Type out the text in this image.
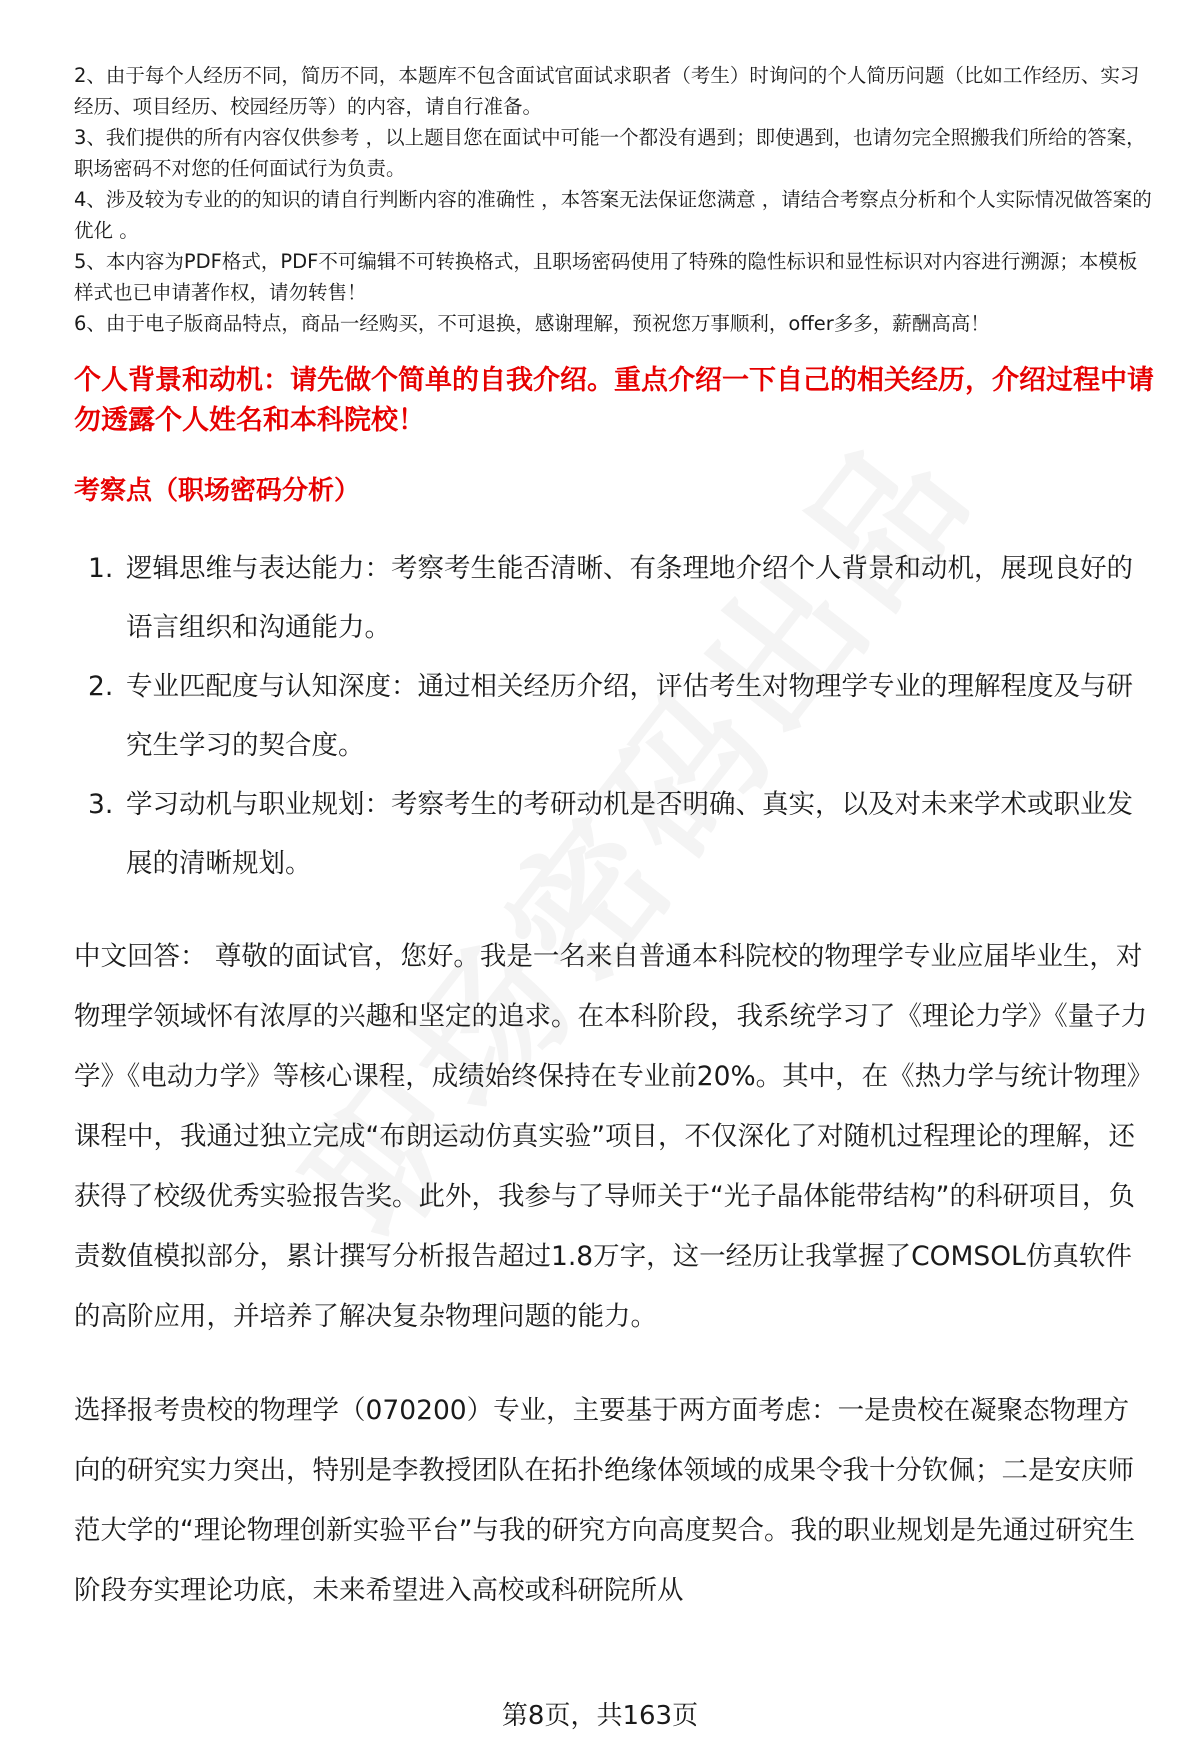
2、由于每个人经历不同，简历不同，本题库不包含面试官面试求职者（考生）时询问的个人简历问题（比如工作经历、实习经历、项目经历、校园经历等）的内容，请自行准备。
3、我们提供的所有内容仅供参考 ，以上题目您在面试中可能一个都没有遇到；即使遇到，也请勿完全照搬我们所给的答案，职场密码不对您的任何面试行为负责。
4、涉及较为专业的的知识的请自行判断内容的准确性 ，本答案无法保证您满意 ，请结合考察点分析和个人实际情况做答案的优化 。
5、本内容为PDF格式，PDF不可编辑不可转换格式，且职场密码使用了特殊的隐性标识和显性标识对内容进行溯源；本模板样式也已申请著作权，请勿转售！
6、由于电子版商品特点，商品一经购买，不可退换，感谢理解，预祝您万事顺利，offer多多，薪酬高高！

个人背景和动机：请先做个简单的自我介绍。重点介绍一下自己的相关经历，介绍过程中请勿透露个人姓名和本科院校！

考察点（职场密码分析）

1. 逻辑思维与表达能力：考察考生能否清晰、有条理地介绍个人背景和动机，展现良好的语言组织和沟通能力。
2. 专业匹配度与认知深度：通过相关经历介绍，评估考生对物理学专业的理解程度及与研究生学习的契合度。
3. 学习动机与职业规划：考察考生的考研动机是否明确、真实，以及对未来学术或职业发展的清晰规划。

中文回答： 尊敬的面试官，您好。我是一名来自普通本科院校的物理学专业应届毕业生，对物理学领域怀有浓厚的兴趣和坚定的追求。在本科阶段，我系统学习了《理论力学》《量子力学》《电动力学》等核心课程，成绩始终保持在专业前20%。其中，在《热力学与统计物理》课程中，我通过独立完成“布朗运动仿真实验”项目，不仅深化了对随机过程理论的理解，还获得了校级优秀实验报告奖。此外，我参与了导师关于“光子晶体能带结构”的科研项目，负责数值模拟部分，累计撰写分析报告超过1.8万字，这一经历让我掌握了COMSOL仿真软件的高阶应用，并培养了解决复杂物理问题的能力。

选择报考贵校的物理学（070200）专业，主要基于两方面考虑：一是贵校在凝聚态物理方向的研究实力突出，特别是李教授团队在拓扑绝缘体领域的成果令我十分钦佩；二是安庆师范大学的“理论物理创新实验平台”与我的研究方向高度契合。我的职业规划是先通过研究生阶段夯实理论功底，未来希望进入高校或科研院所从

第8页，共163页
